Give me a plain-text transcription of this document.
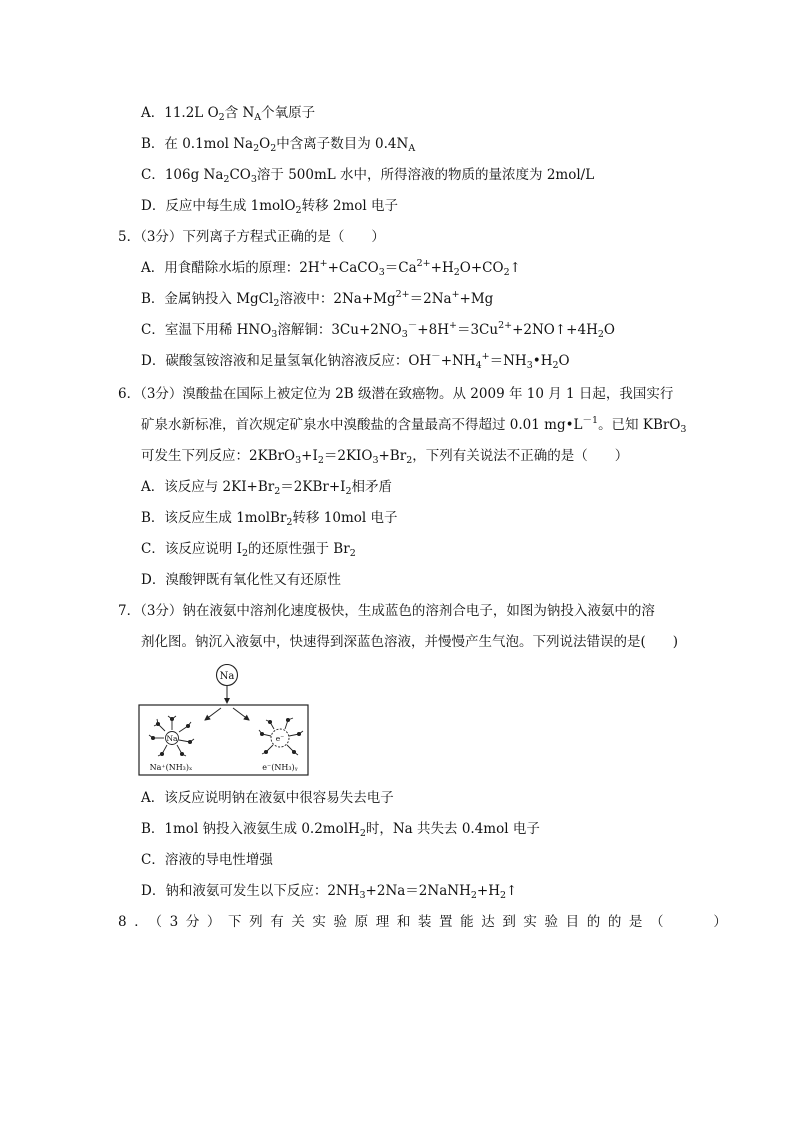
A．11.2L $O_2$含 $N_A$个氧原子
B．在 0.1mol $Na_2O_2$中含离子数目为 $0.4N_A$
C．106g $Na_2CO_3$溶于 500mL 水中，所得溶液的物质的量浓度为 2mol/L
D．反应中每生成 1molO$_2$转移 2mol 电子
5．（3分）下列离子方程式正确的是（　　）
A．用食醋除水垢的原理：$2H^++CaCO_3=Ca^{2+}+H_2O+CO_2↑$
B．金属钠投入 MgCl$_2$溶液中：$2Na+Mg^{2+}=2Na^++Mg$
C．室温下用稀 $HNO_3$溶解铜：$3Cu+2NO_3^-+8H^+=3Cu^{2+}+2NO↑+4H_2O$
D．碳酸氢铵溶液和足量氢氧化钠溶液反应：$OH^-+NH_4^+=NH_3•H_2O$
6．（3分）溴酸盐在国际上被定位为 2B 级潜在致癌物。从 2009 年 10 月 1 日起，我国实行
矿泉水新标准，首次规定矿泉水中溴酸盐的含量最高不得超过 0.01 $mg•L^{-1}$。已知 KBrO$_3$
可发生下列反应：$2KBrO_3+I_2=2KIO_3+Br_2$，下列有关说法不正确的是（　　）
A．该反应与 $2KI+Br_2=2KBr+I_2$相矛盾
B．该反应生成 1molBr$_2$转移 10mol 电子
C．该反应说明 $I_2$的还原性强于 $Br_2$
D．溴酸钾既有氧化性又有还原性
7．（3分）钠在液氨中溶剂化速度极快，生成蓝色的溶剂合电子，如图为钠投入液氨中的溶
剂化图。钠沉入液氨中，快速得到深蓝色溶液，并慢慢产生气泡。下列说法错误的是(　　)
Na
Na
Na⁺(NH₃)ₓ
e⁻
e⁻(NH₃)ᵧ
A．该反应说明钠在液氨中很容易失去电子
B．1mol 钠投入液氨生成 0.2molH$_2$时，Na 共失去 0.4mol 电子
C．溶液的导电性增强
D．钠和液氨可发生以下反应：$2NH_3+2Na=2NaNH_2+H_2↑$
8．（3分）下列有关实验原理和装置能达到实验目的的是（　　）
